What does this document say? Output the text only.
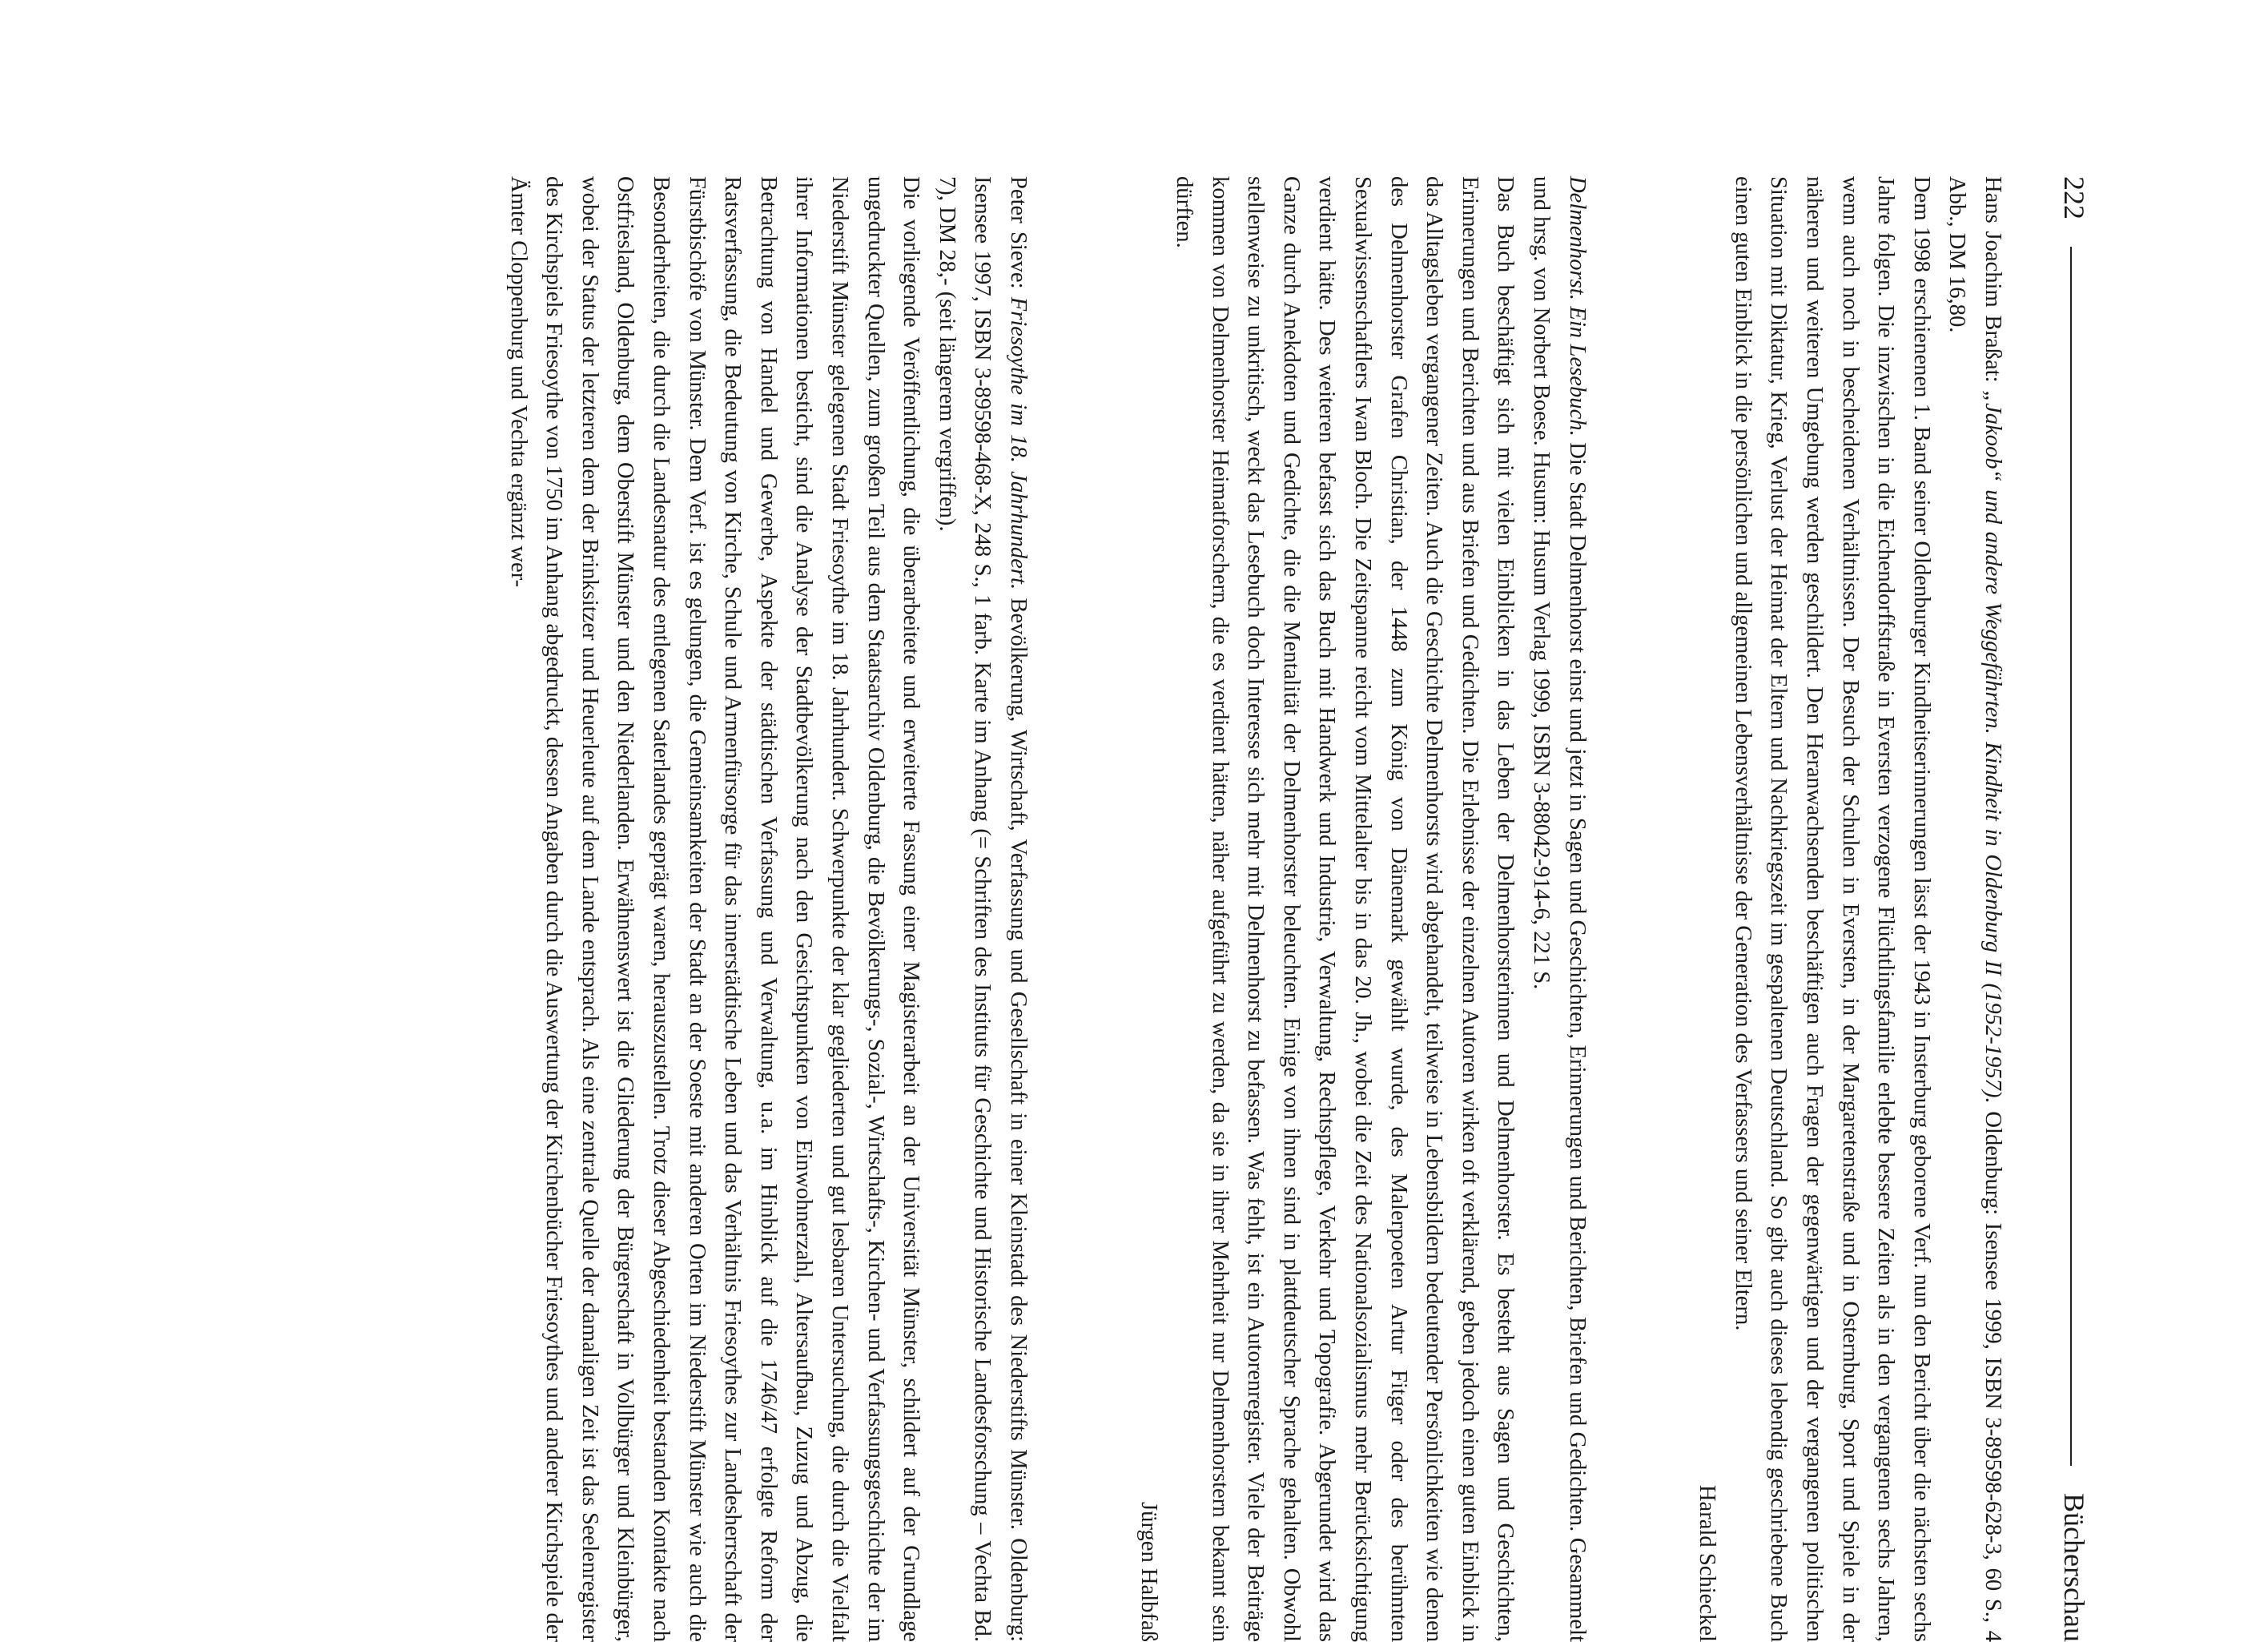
222
Bücherschau

Hans Joachim Braßat: „Jakoob“ und andere Weggefährten. Kindheit in Oldenburg II (1952-1957). Oldenburg: Isensee 1999, ISBN 3-89598-628-3, 60 S., 4 Abb., DM 16,80.

Dem 1998 erschienenen 1. Band seiner Oldenburger Kindheitserinnerungen lässt der 1943 in Insterburg geborene Verf. nun den Bericht über die nächsten sechs Jahre folgen. Die inzwischen in die Eichendorffstraße in Eversten verzogene Flüchtlingsfamilie erlebte bessere Zeiten als in den vergangenen sechs Jahren, wenn auch noch in bescheidenen Verhältnissen. Der Besuch der Schulen in Eversten, in der Margaretenstraße und in Osternburg, Sport und Spiele in der näheren und weiteren Umgebung werden geschildert. Den Heranwachsenden beschäftigen auch Fragen der gegenwärtigen und der vergangenen politischen Situation mit Diktatur, Krieg, Verlust der Heimat der Eltern und Nachkriegszeit im gespaltenen Deutschland. So gibt auch dieses lebendig geschriebene Buch einen guten Einblick in die persönlichen und allgemeinen Lebensverhältnisse der Generation des Verfassers und seiner Eltern.

Harald Schieckel

Delmenhorst. Ein Lesebuch. Die Stadt Delmenhorst einst und jetzt in Sagen und Geschichten, Erinnerungen und Berichten, Briefen und Gedichten. Gesammelt und hrsg. von Norbert Boese. Husum: Husum Verlag 1999, ISBN 3-88042-914-6, 221 S.

Das Buch beschäftigt sich mit vielen Einblicken in das Leben der Delmenhorsterinnen und Delmenhorster. Es besteht aus Sagen und Geschichten, Erinnerungen und Berichten und aus Briefen und Gedichten. Die Erlebnisse der einzelnen Autoren wirken oft verklärend, geben jedoch einen guten Einblick in das Alltagsleben vergangener Zeiten. Auch die Geschichte Delmenhorsts wird abgehandelt, teilweise in Lebensbildern bedeutender Persönlichkeiten wie denen des Delmenhorster Grafen Christian, der 1448 zum König von Dänemark gewählt wurde, des Malerpoeten Artur Fitger oder des berühmten Sexualwissenschaftlers Iwan Bloch. Die Zeitspanne reicht vom Mittelalter bis in das 20. Jh., wobei die Zeit des Nationalsozialismus mehr Berücksichtigung verdient hätte. Des weiteren befasst sich das Buch mit Handwerk und Industrie, Verwaltung, Rechtspflege, Verkehr und Topografie. Abgerundet wird das Ganze durch Anekdoten und Gedichte, die die Mentalität der Delmenhorster beleuchten. Einige von ihnen sind in plattdeutscher Sprache gehalten. Obwohl stellenweise zu unkritisch, weckt das Lesebuch doch Interesse sich mehr mit Delmenhorst zu befassen. Was fehlt, ist ein Autorenregister. Viele der Beiträge kommen von Delmenhorster Heimatforschern, die es verdient hätten, näher aufgeführt zu werden, da sie in ihrer Mehrheit nur Delmenhorstern bekannt sein dürften.

Jürgen Halbfaß

Peter Sieve: Friesoythe im 18. Jahrhundert. Bevölkerung, Wirtschaft, Verfassung und Gesellschaft in einer Kleinstadt des Niederstifts Münster. Oldenburg: Isensee 1997, ISBN 3-89598-468-X, 248 S., 1 farb. Karte im Anhang (= Schriften des Instituts für Geschichte und Historische Landesforschung – Vechta Bd. 7), DM 28,- (seit längerem vergriffen).

Die vorliegende Veröffentlichung, die überarbeitete und erweiterte Fassung einer Magisterarbeit an der Universität Münster, schildert auf der Grundlage ungedruckter Quellen, zum großen Teil aus dem Staatsarchiv Oldenburg, die Bevölkerungs-, Sozial-, Wirtschafts-, Kirchen- und Verfassungsgeschichte der im Niederstift Münster gelegenen Stadt Friesoythe im 18. Jahrhundert. Schwerpunkte der klar gegliederten und gut lesbaren Untersuchung, die durch die Vielfalt ihrer Informationen besticht, sind die Analyse der Stadtbevölkerung nach den Gesichtspunkten von Einwohnerzahl, Altersaufbau, Zuzug und Abzug, die Betrachtung von Handel und Gewerbe, Aspekte der städtischen Verfassung und Verwaltung, u.a. im Hinblick auf die 1746/47 erfolgte Reform der Ratsverfassung, die Bedeutung von Kirche, Schule und Armenfürsorge für das innerstädtische Leben und das Verhältnis Friesoythes zur Landesherrschaft der Fürstbischöfe von Münster. Dem Verf. ist es gelungen, die Gemeinsamkeiten der Stadt an der Soeste mit anderen Orten im Niederstift Münster wie auch die Besonderheiten, die durch die Landesnatur des entlegenen Saterlandes geprägt waren, herauszustellen. Trotz dieser Abgeschiedenheit bestanden Kontakte nach Ostfriesland, Oldenburg, dem Oberstift Münster und den Niederlanden. Erwähnenswert ist die Gliederung der Bürgerschaft in Vollbürger und Kleinbürger, wobei der Status der letzteren dem der Brinksitzer und Heuerleute auf dem Lande entsprach. Als eine zentrale Quelle der damaligen Zeit ist das Seelenregister des Kirchspiels Friesoythe von 1750 im Anhang abgedruckt, dessen Angaben durch die Auswertung der Kirchenbücher Friesoythes und anderer Kirchspiele der Ämter Cloppenburg und Vechta ergänzt wer-
